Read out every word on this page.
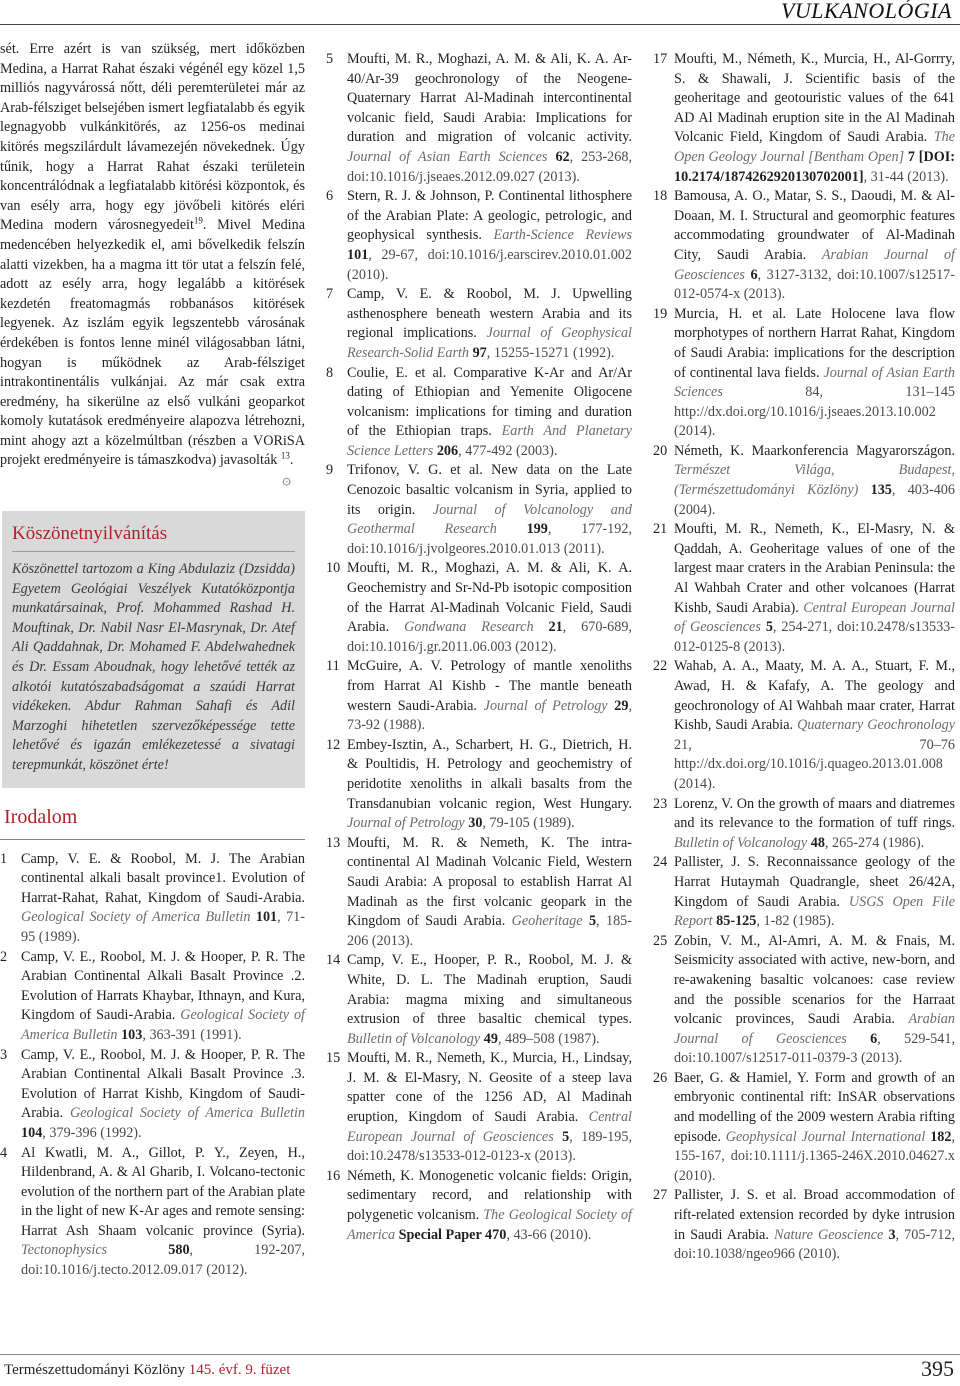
VULKANOLÓGIA

sét. Erre azért is van szükség, mert időközben Medina, a Harrat Rahat északi végénél egy közel 1,5 milliós nagyvárossá nőtt, déli peremterületei már az Arab-félsziget belsejében ismert legfiatalabb és egyik legnagyobb vulkánkitörés, az 1256-os medinai kitörés megszilárdult lávamezején növekednek. Úgy tűnik, hogy a Harrat Rahat északi területein koncentrálódnak a legfiatalabb kitörési központok, és van esély arra, hogy egy jövőbeli kitörés eléri Medina modern városnegyedeit$^{19}$. Mivel Medina medencében helyezkedik el, ami bővelkedik felszín alatti vizekben, ha a magma itt tör utat a felszín felé, adott az esély arra, hogy legalább a kitörések kezdetén freatomagmás robbanásos kitörések legyenek. Az iszlám egyik legszentebb városának érdekében is fontos lenne minél világosabban látni, hogyan is működnek az Arab-félsziget intrakontinentális vulkánjai. Az már csak extra eredmény, ha sikerülne az első vulkáni geoparkot komoly kutatások eredményeire alapozva létrehozni, mint ahogy azt a közelmúltban (részben a VORiSA projekt eredményeire is támaszkodva) javasolták $^{13}$.
۞

Köszönetnyilvánítás

Köszönettel tartozom a King Abdulaziz (Dzsidda) Egyetem Geológiai Veszélyek Kutatóközpontja munkatársainak, Prof. Mohammed Rashad H. Mouftinak, Dr. Nabil Nasr El-Masrynak, Dr. Atef Ali Qaddahnak, Dr. Mohamed F. Abdelwahednek és Dr. Essam Aboudnak, hogy lehetővé tették az alkotói kutatószabadságomat a szaúdi Harrat vidékeken. Abdur Rahman Sahafi és Adil Marzoghi hihetetlen szervezőképessége tette lehetővé és igazán emlékezetessé a sivatagi terepmunkát, köszönet érte!

Irodalom
1 Camp, V. E. & Roobol, M. J. The Arabian continental alkali basalt province1. Evolution of Harrat-Rahat, Rahat, Kingdom of Saudi-Arabia. Geological Society of America Bulletin 101, 71-95 (1989).
2 Camp, V. E., Roobol, M. J. & Hooper, P. R. The Arabian Continental Alkali Basalt Province .2. Evolution of Harrats Khaybar, Ithnayn, and Kura, Kingdom of Saudi-Arabia. Geological Society of America Bulletin 103, 363-391 (1991).
3 Camp, V. E., Roobol, M. J. & Hooper, P. R. The Arabian Continental Alkali Basalt Province .3. Evolution of Harrat Kishb, Kingdom of Saudi-Arabia. Geological Society of America Bulletin 104, 379-396 (1992).
4 Al Kwatli, M. A., Gillot, P. Y., Zeyen, H., Hildenbrand, A. & Al Gharib, I. Volcano-tectonic evolution of the northern part of the Arabian plate in the light of new K-Ar ages and remote sensing: Harrat Ash Shaam volcanic province (Syria). Tectonophysics	580, 192-207, doi:10.1016/j.tecto.2012.09.017 (2012).
5 Moufti, M. R., Moghazi, A. M. & Ali, K. A. Ar-40/Ar-39 geochronology of the Neogene-Quaternary Harrat Al-Madinah intercontinental volcanic field, Saudi Arabia: Implications for duration and migration of volcanic activity. Journal of Asian Earth Sciences 62, 253-268, doi:10.1016/j.jseaes.2012.09.027 (2013).
6 Stern, R. J. & Johnson, P. Continental lithosphere of the Arabian Plate: A geologic, petrologic, and geophysical synthesis. Earth-Science Reviews 101, 29-67, doi:10.1016/j.earscirev.2010.01.002 (2010).
7 Camp, V. E. & Roobol, M. J. Upwelling asthenosphere beneath western Arabia and its regional implications. Journal of Geophysical Research-Solid Earth 97, 15255-15271 (1992).
8 Coulie, E. et al. Comparative K-Ar and Ar/Ar dating of Ethiopian and Yemenite Oligocene volcanism: implications for timing and duration of the Ethiopian traps. Earth And Planetary Science Letters 206, 477-492 (2003).
9 Trifonov, V. G. et al. New data on the Late Cenozoic basaltic volcanism in Syria, applied to its origin. Journal of Volcanology and Geothermal Research 199, 177-192, doi:10.1016/j.jvolgeores.2010.01.013 (2011).
10 Moufti, M. R., Moghazi, A. M. & Ali, K. A. Geochemistry and Sr-Nd-Pb isotopic composition of the Harrat Al-Madinah Volcanic Field, Saudi Arabia. Gondwana Research 21, 670-689, doi:10.1016/j.gr.2011.06.003 (2012).
11 McGuire, A. V. Petrology of mantle xenoliths from Harrat Al Kishb - The mantle beneath western Saudi-Arabia. Journal of Petrology 29, 73-92 (1988).
12 Embey-Isztin, A., Scharbert, H. G., Dietrich, H. & Poultidis, H. Petrology and geochemistry of peridotite xenoliths in alkali basalts from the Transdanubian volcanic region, West Hungary. Journal of Petrology 30, 79-105 (1989).
13 Moufti, M. R. & Nemeth, K. The intra-continental Al Madinah Volcanic Field, Western Saudi Arabia: A proposal to establish Harrat Al Madinah as the first volcanic geopark in the Kingdom of Saudi Arabia. Geoheritage 5, 185-206 (2013).
14 Camp, V. E., Hooper, P. R., Roobol, M. J. & White, D. L. The Madinah eruption, Saudi Arabia: magma mixing and simultaneous extrusion of three basaltic chemical types. Bulletin of Volcanology 49, 489–508 (1987).
15 Moufti, M. R., Nemeth, K., Murcia, H., Lindsay, J. M. & El-Masry, N. Geosite of a steep lava spatter cone of the 1256 AD, Al Madinah eruption, Kingdom of Saudi Arabia. Central European Journal of Geosciences 5, 189-195, doi:10.2478/s13533-012-0123-x (2013).
16 Németh, K. Monogenetic volcanic fields: Origin, sedimentary record, and relationship with polygenetic volcanism. The Geological Society of America Special Paper 470, 43-66 (2010).
17 Moufti, M., Németh, K., Murcia, H., Al-Gorrry, S. & Shawali, J. Scientific basis of the geoheritage and geotouristic values of the 641 AD Al Madinah eruption site in the Al Madinah Volcanic Field, Kingdom of Saudi Arabia. The Open Geology Journal [Bentham Open] 7 [DOI: 10.2174/1874262920130702001], 31-44 (2013).
18 Bamousa, A. O., Matar, S. S., Daoudi, M. & Al-Doaan, M. I. Structural and geomorphic features accommodating groundwater of Al-Madinah City, Saudi Arabia. Arabian Journal of Geosciences 6, 3127-3132, doi:10.1007/s12517-012-0574-x (2013).
19 Murcia, H. et al. Late Holocene lava flow morphotypes of northern Harrat Rahat, Kingdom of Saudi Arabia: implications for the description of continental lava fields. Journal of Asian Earth Sciences 84, 131–145 http://dx.doi.org/10.1016/j.jseaes.2013.10.002 (2014).
20 Németh, K. Maarkonferencia Magyarországon. Természet Világa, Budapest, (Természettudományi Közlöny) 135, 403-406 (2004).
21 Moufti, M. R., Nemeth, K., El-Masry, N. & Qaddah, A. Geoheritage values of one of the largest maar craters in the Arabian Peninsula: the Al Wahbah Crater and other volcanoes (Harrat Kishb, Saudi Arabia). Central European Journal of Geosciences 5, 254-271, doi:10.2478/s13533-012-0125-8 (2013).
22 Wahab, A. A., Maaty, M. A. A., Stuart, F. M., Awad, H. & Kafafy, A. The geology and geochronology of Al Wahbah maar crater, Harrat Kishb, Saudi Arabia. Quaternary Geochronology 21, 70–76 http://dx.doi.org/10.1016/j.quageo.2013.01.008 (2014).
23 Lorenz, V. On the growth of maars and diatremes and its relevance to the formation of tuff rings. Bulletin of Volcanology 48, 265-274 (1986).
24 Pallister, J. S. Reconnaissance geology of the Harrat Hutaymah Quadrangle, sheet 26/42A, Kingdom of Saudi Arabia. USGS Open File Report 85-125, 1-82 (1985).
25 Zobin, V. M., Al-Amri, A. M. & Fnais, M. Seismicity associated with active, new-born, and re-awakening basaltic volcanoes: case review and the possible scenarios for the Harraat volcanic provinces, Saudi Arabia. Arabian Journal of Geosciences 6, 529-541, doi:10.1007/s12517-011-0379-3 (2013).
26 Baer, G. & Hamiel, Y. Form and growth of an embryonic continental rift: InSAR observations and modelling of the 2009 western Arabia rifting episode. Geophysical Journal International 182, 155-167, doi:10.1111/j.1365-246X.2010.04627.x (2010).
27 Pallister, J. S. et al. Broad accommodation of rift-related extension recorded by dyke intrusion in Saudi Arabia. Nature Geoscience 3, 705-712, doi:10.1038/ngeo966 (2010).
Természettudományi Közlöny 145. évf. 9. füzet	395
